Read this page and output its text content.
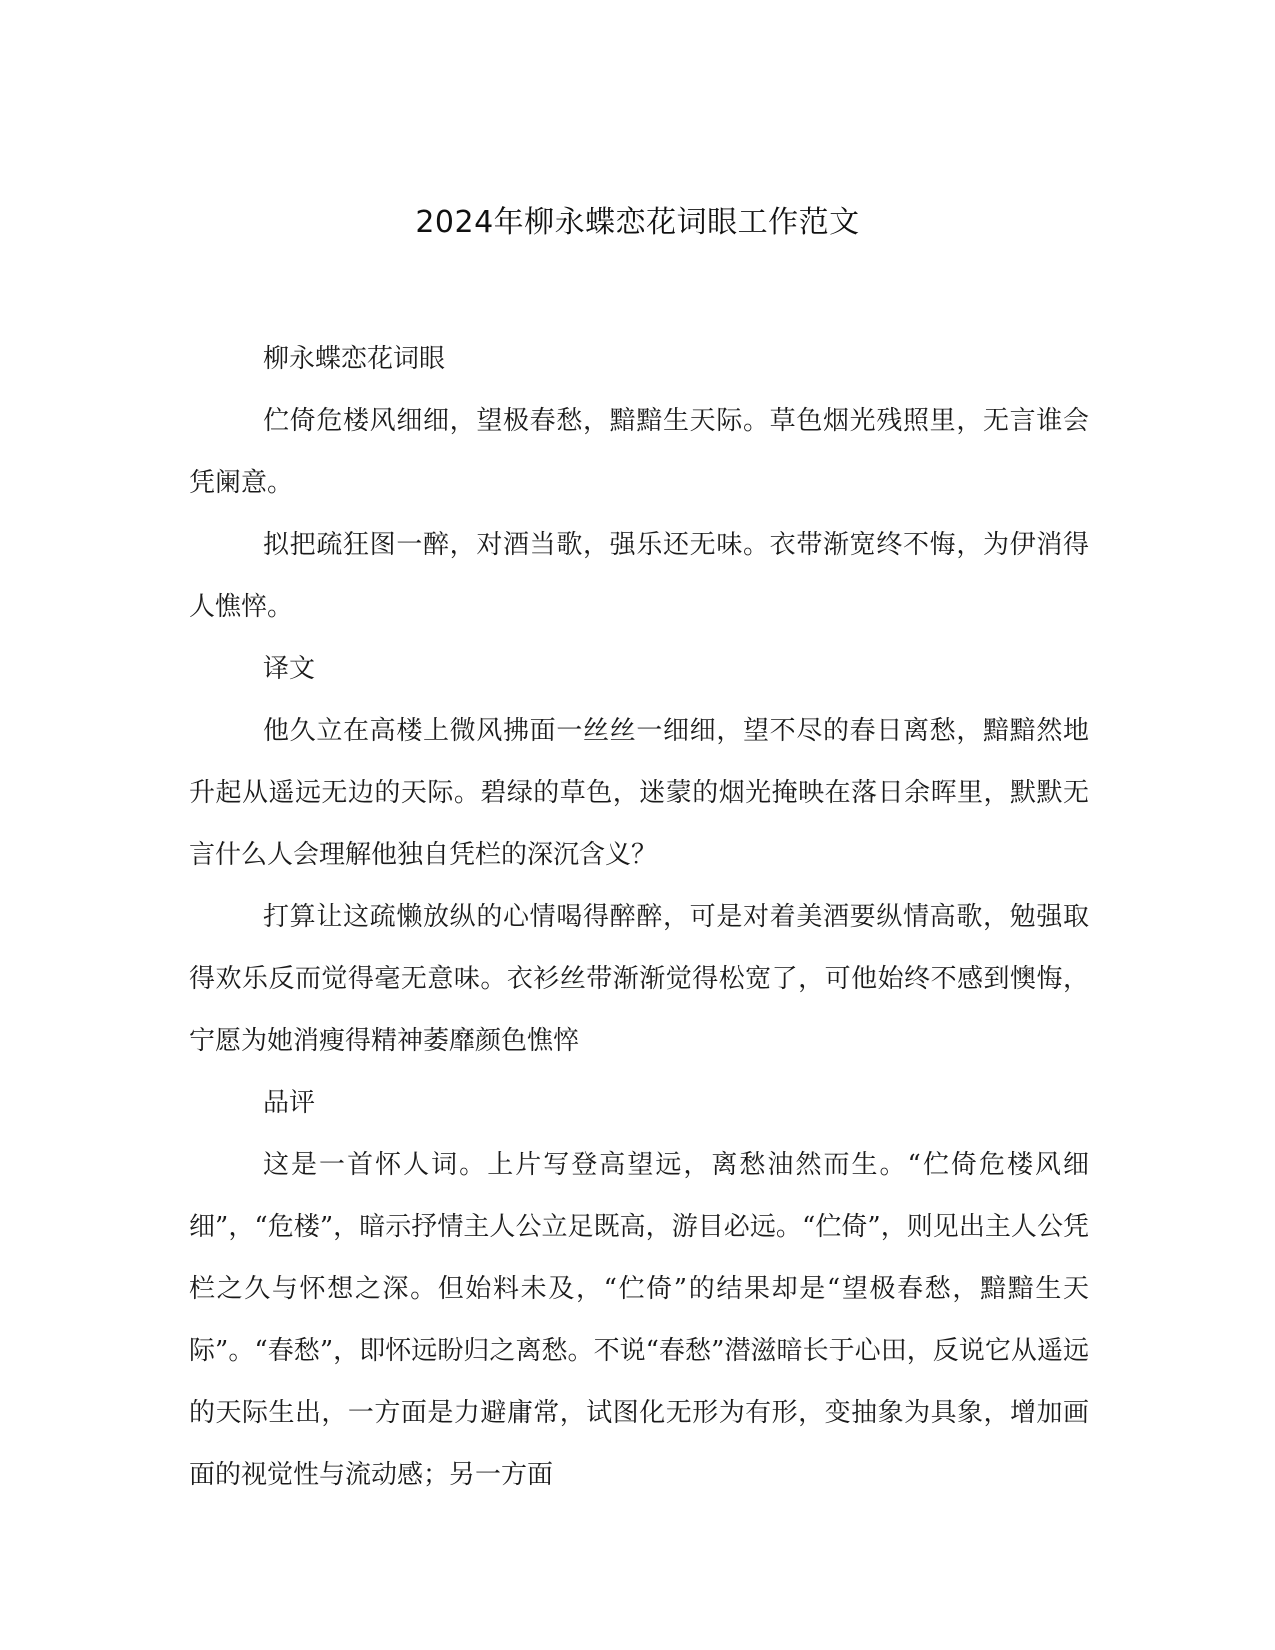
2024年柳永蝶恋花词眼工作范文

柳永蝶恋花词眼

伫倚危楼风细细，望极春愁，黯黯生天际。草色烟光残照里，无言谁会凭阑意。

拟把疏狂图一醉，对酒当歌，强乐还无味。衣带渐宽终不悔，为伊消得人憔悴。

译文

他久立在高楼上微风拂面一丝丝一细细，望不尽的春日离愁，黯黯然地升起从遥远无边的天际。碧绿的草色，迷蒙的烟光掩映在落日余晖里，默默无言什么人会理解他独自凭栏的深沉含义？

打算让这疏懒放纵的心情喝得醉醉，可是对着美酒要纵情高歌，勉强取得欢乐反而觉得毫无意味。衣衫丝带渐渐觉得松宽了，可他始终不感到懊悔，宁愿为她消瘦得精神萎靡颜色憔悴

品评

这是一首怀人词。上片写登高望远，离愁油然而生。“伫倚危楼风细细”，“危楼”，暗示抒情主人公立足既高，游目必远。“伫倚”，则见出主人公凭栏之久与怀想之深。但始料未及，“伫倚”的结果却是“望极春愁，黯黯生天际”。“春愁”，即怀远盼归之离愁。不说“春愁”潜滋暗长于心田，反说它从遥远的天际生出，一方面是力避庸常，试图化无形为有形，变抽象为具象，增加画面的视觉性与流动感；另一方面
